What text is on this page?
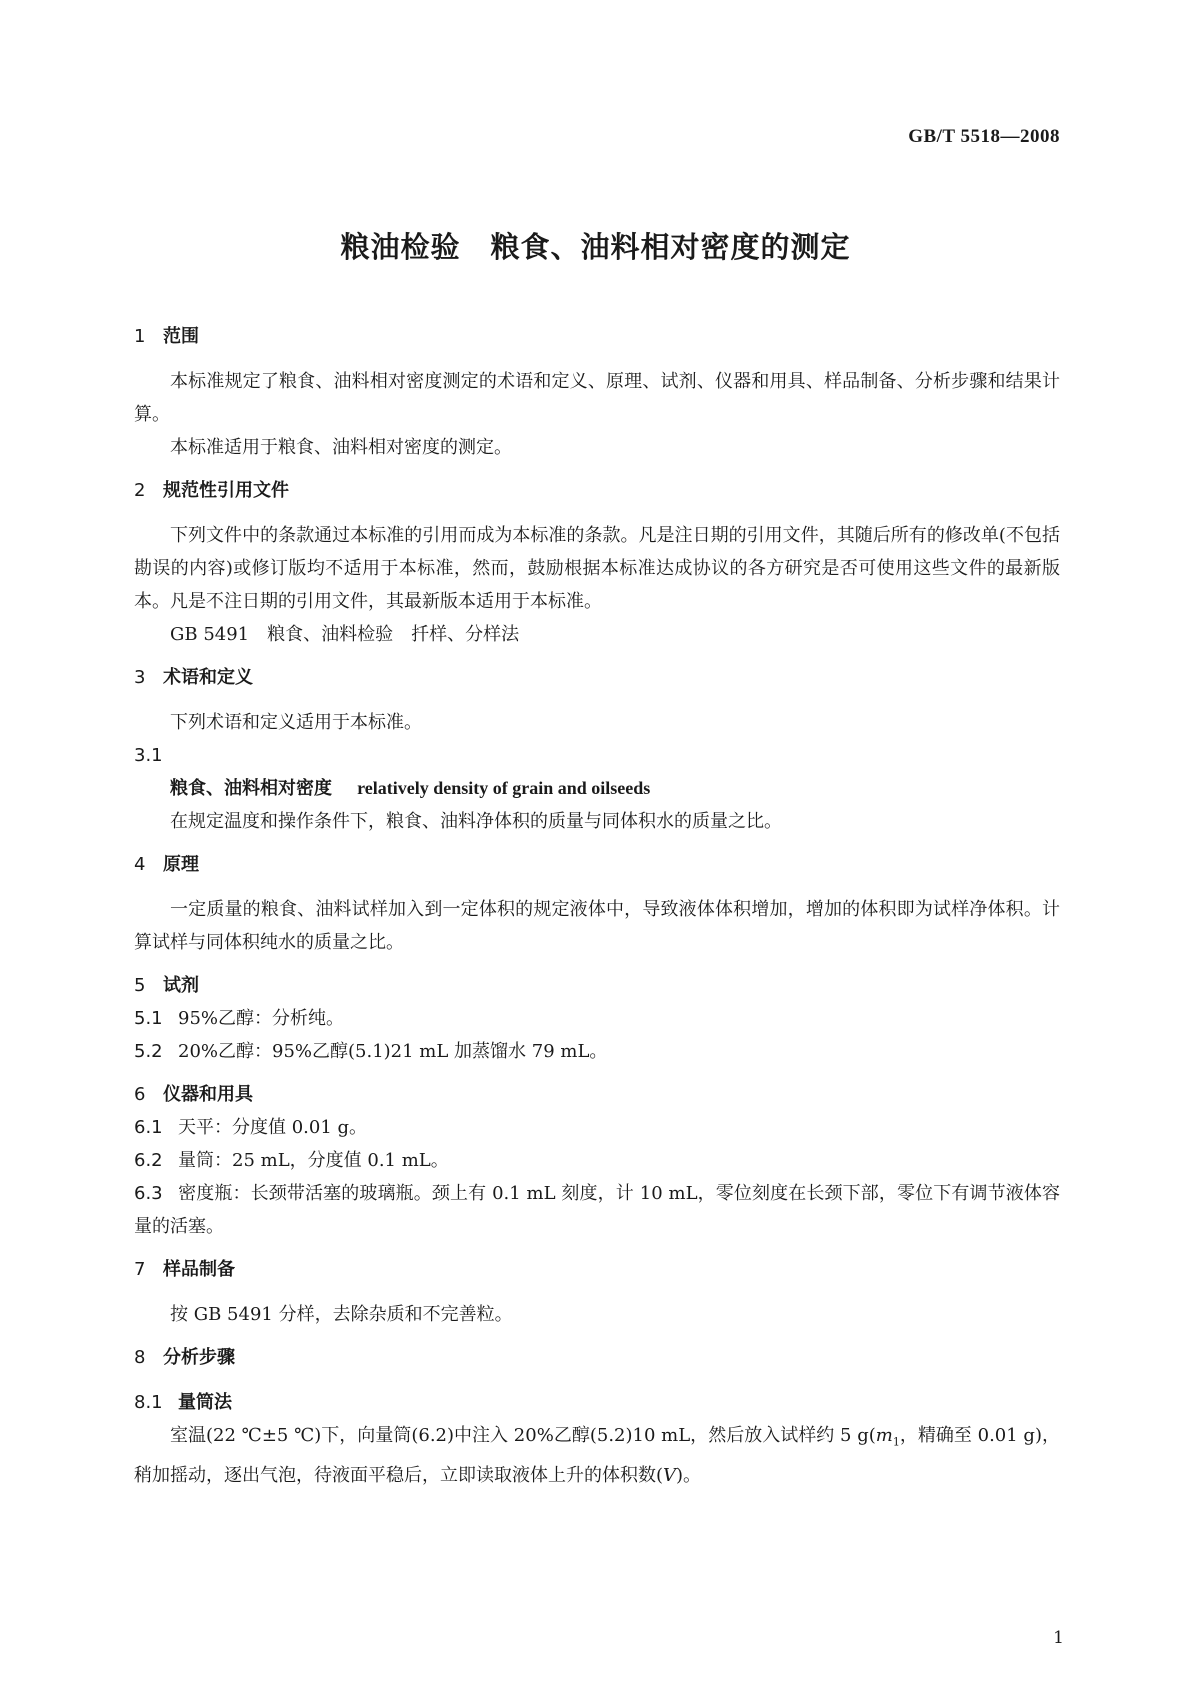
GB/T 5518—2008
粮油检验　粮食、油料相对密度的测定
1 范围

本标准规定了粮食、油料相对密度测定的术语和定义、原理、试剂、仪器和用具、样品制备、分析步骤和结果计算。

本标准适用于粮食、油料相对密度的测定。

2 规范性引用文件

下列文件中的条款通过本标准的引用而成为本标准的条款。凡是注日期的引用文件，其随后所有的修改单(不包括勘误的内容)或修订版均不适用于本标准，然而，鼓励根据本标准达成协议的各方研究是否可使用这些文件的最新版本。凡是不注日期的引用文件，其最新版本适用于本标准。

GB 5491　粮食、油料检验　扦样、分样法
3 术语和定义

下列术语和定义适用于本标准。

3.1
粮食、油料相对密度 relatively density of grain and oilseeds

在规定温度和操作条件下，粮食、油料净体积的质量与同体积水的质量之比。

4 原理

一定质量的粮食、油料试样加入到一定体积的规定液体中，导致液体体积增加，增加的体积即为试样净体积。计算试样与同体积纯水的质量之比。

5 试剂

5.1 95%乙醇：分析纯。

5.2 20%乙醇：95%乙醇(5.1)21 mL 加蒸馏水 79 mL。

6 仪器和用具

6.1 天平：分度值 0.01 g。

6.2 量筒：25 mL，分度值 0.1 mL。

6.3 密度瓶：长颈带活塞的玻璃瓶。颈上有 0.1 mL 刻度，计 10 mL，零位刻度在长颈下部，零位下有调节液体容量的活塞。

7 样品制备

按 GB 5491 分样，去除杂质和不完善粒。

8 分析步骤
8.1 量筒法

室温(22 ℃±5 ℃)下，向量筒(6.2)中注入 20%乙醇(5.2)10 mL，然后放入试样约 5 $g(m_1$，精确至 0.01 g)，稍加摇动，逐出气泡，待液面平稳后，立即读取液体上升的体积数(V)。

1
